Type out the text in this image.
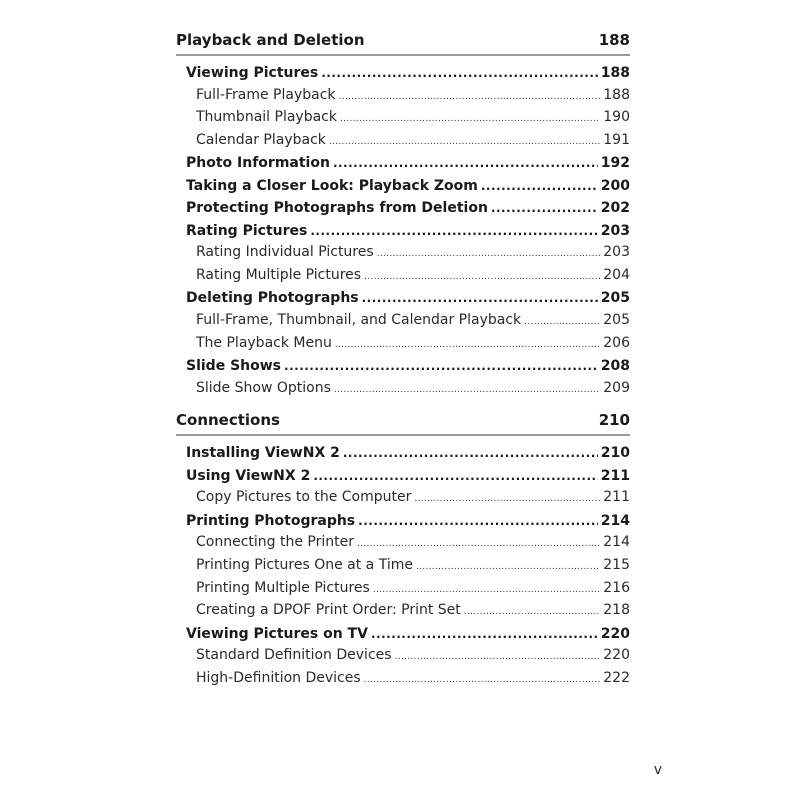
Playback and Deletion	188
Viewing Pictures .....	188
Full-Frame Playback .....	188
Thumbnail Playback .....	190
Calendar Playback .....	191
Photo Information .....	192
Taking a Closer Look: Playback Zoom .....	200
Protecting Photographs from Deletion .....	202
Rating Pictures .....	203
Rating Individual Pictures .....	203
Rating Multiple Pictures .....	204
Deleting Photographs .....	205
Full-Frame, Thumbnail, and Calendar Playback .....	205
The Playback Menu .....	206
Slide Shows .....	208
Slide Show Options .....	209
Connections	210
Installing ViewNX 2 .....	210
Using ViewNX 2 .....	211
Copy Pictures to the Computer .....	211
Printing Photographs .....	214
Connecting the Printer .....	214
Printing Pictures One at a Time .....	215
Printing Multiple Pictures .....	216
Creating a DPOF Print Order: Print Set .....	218
Viewing Pictures on TV .....	220
Standard Definition Devices .....	220
High-Definition Devices .....	222
v
